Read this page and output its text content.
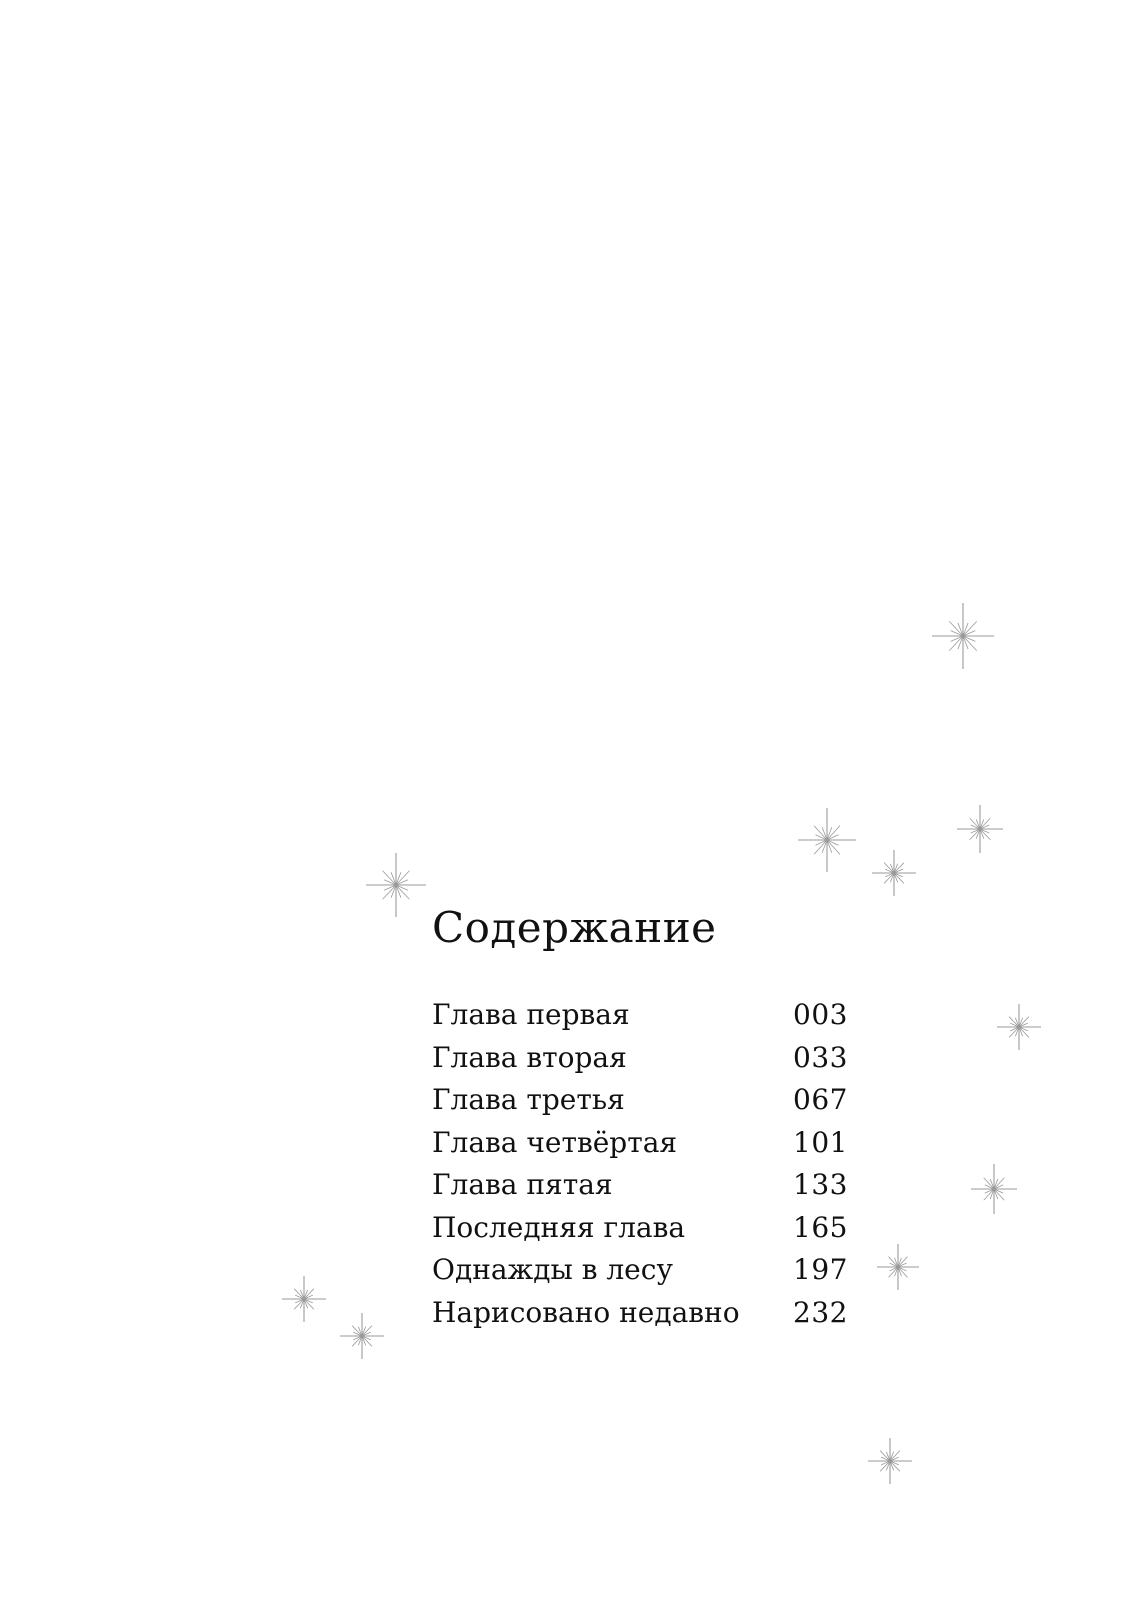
Содержание
Глава первая	003
Глава вторая	033
Глава третья	067
Глава четвёртая	101
Глава пятая	133
Последняя глава	165
Однажды в лесу	197
Нарисовано недавно 232
